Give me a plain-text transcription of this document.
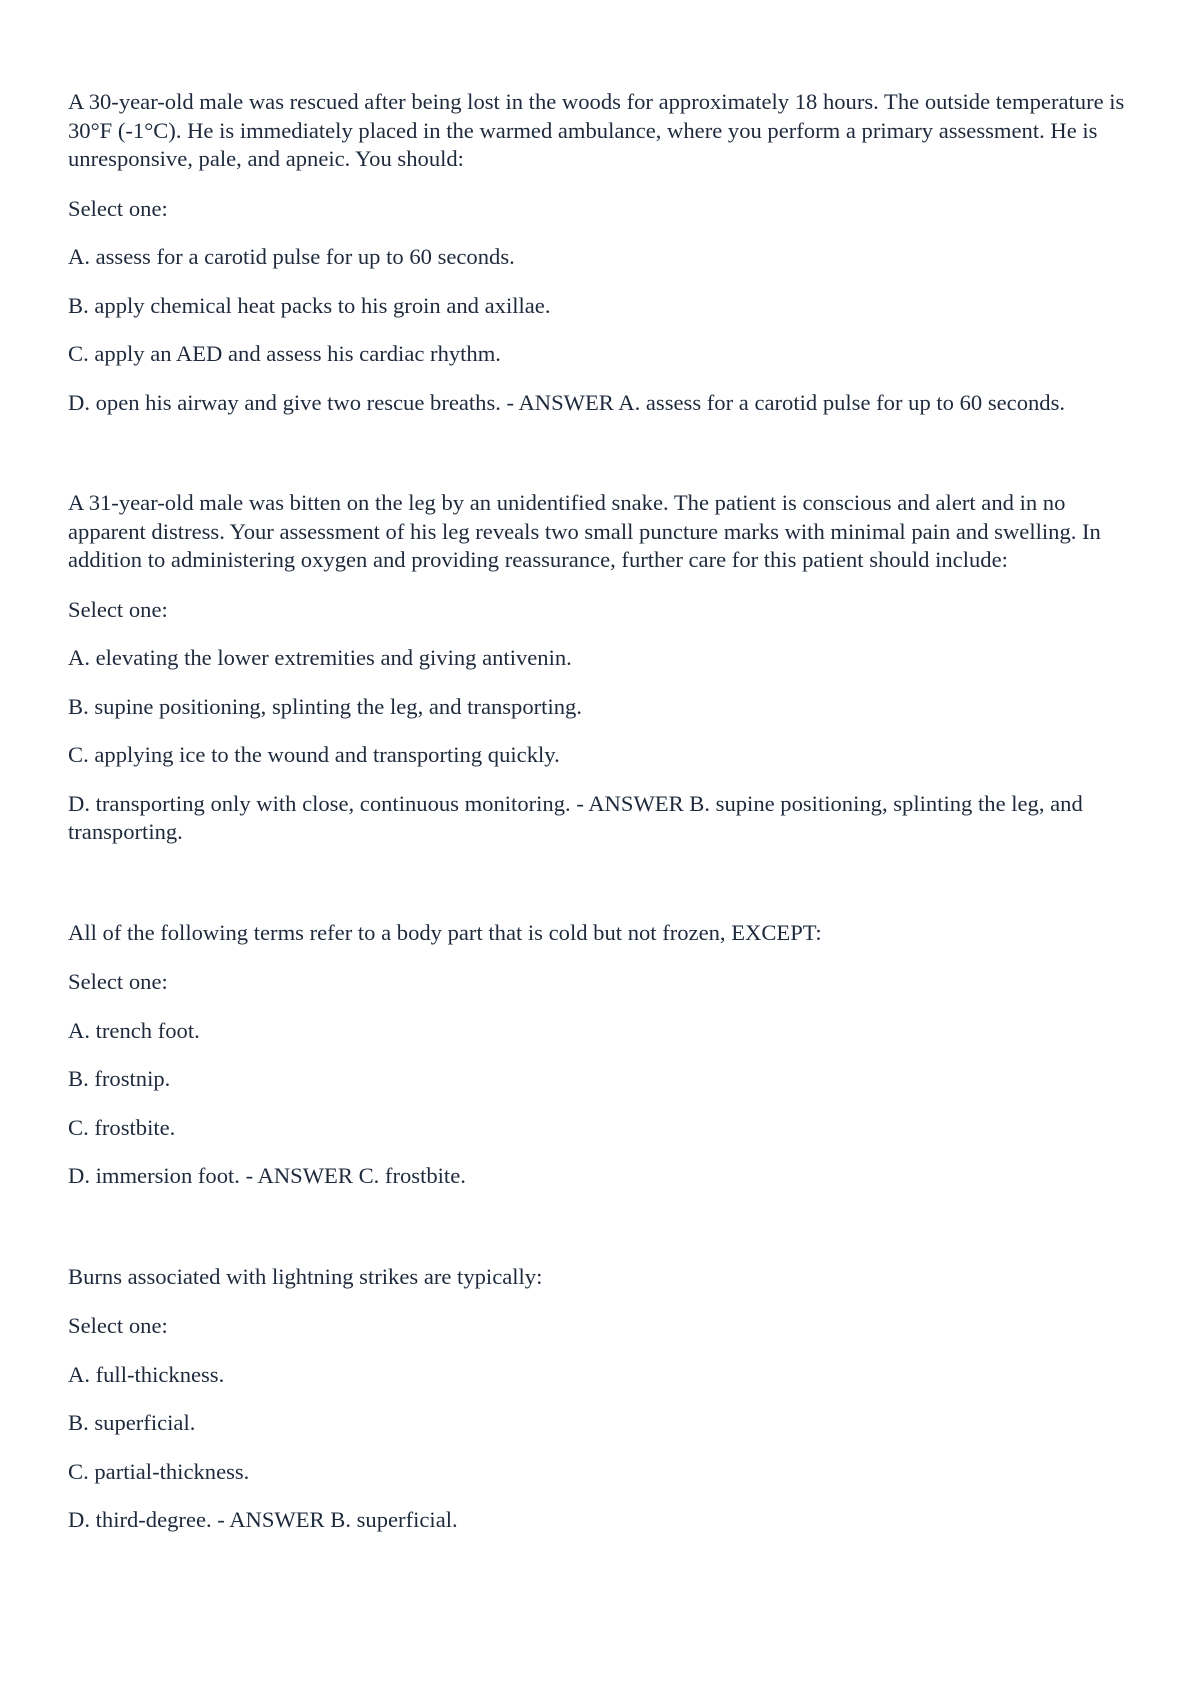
A 30-year-old male was rescued after being lost in the woods for approximately 18 hours. The outside temperature is 30°F (-1°C). He is immediately placed in the warmed ambulance, where you perform a primary assessment. He is unresponsive, pale, and apneic. You should:

Select one:

A. assess for a carotid pulse for up to 60 seconds.

B. apply chemical heat packs to his groin and axillae.

C. apply an AED and assess his cardiac rhythm.

D. open his airway and give two rescue breaths. - ANSWER A. assess for a carotid pulse for up to 60 seconds.

A 31-year-old male was bitten on the leg by an unidentified snake. The patient is conscious and alert and in no apparent distress. Your assessment of his leg reveals two small puncture marks with minimal pain and swelling. In addition to administering oxygen and providing reassurance, further care for this patient should include:

Select one:

A. elevating the lower extremities and giving antivenin.

B. supine positioning, splinting the leg, and transporting.

C. applying ice to the wound and transporting quickly.

D. transporting only with close, continuous monitoring. - ANSWER B. supine positioning, splinting the leg, and transporting.

All of the following terms refer to a body part that is cold but not frozen, EXCEPT:

Select one:

A. trench foot.

B. frostnip.

C. frostbite.

D. immersion foot. - ANSWER C. frostbite.

Burns associated with lightning strikes are typically:

Select one:

A. full-thickness.

B. superficial.

C. partial-thickness.

D. third-degree. - ANSWER B. superficial.
